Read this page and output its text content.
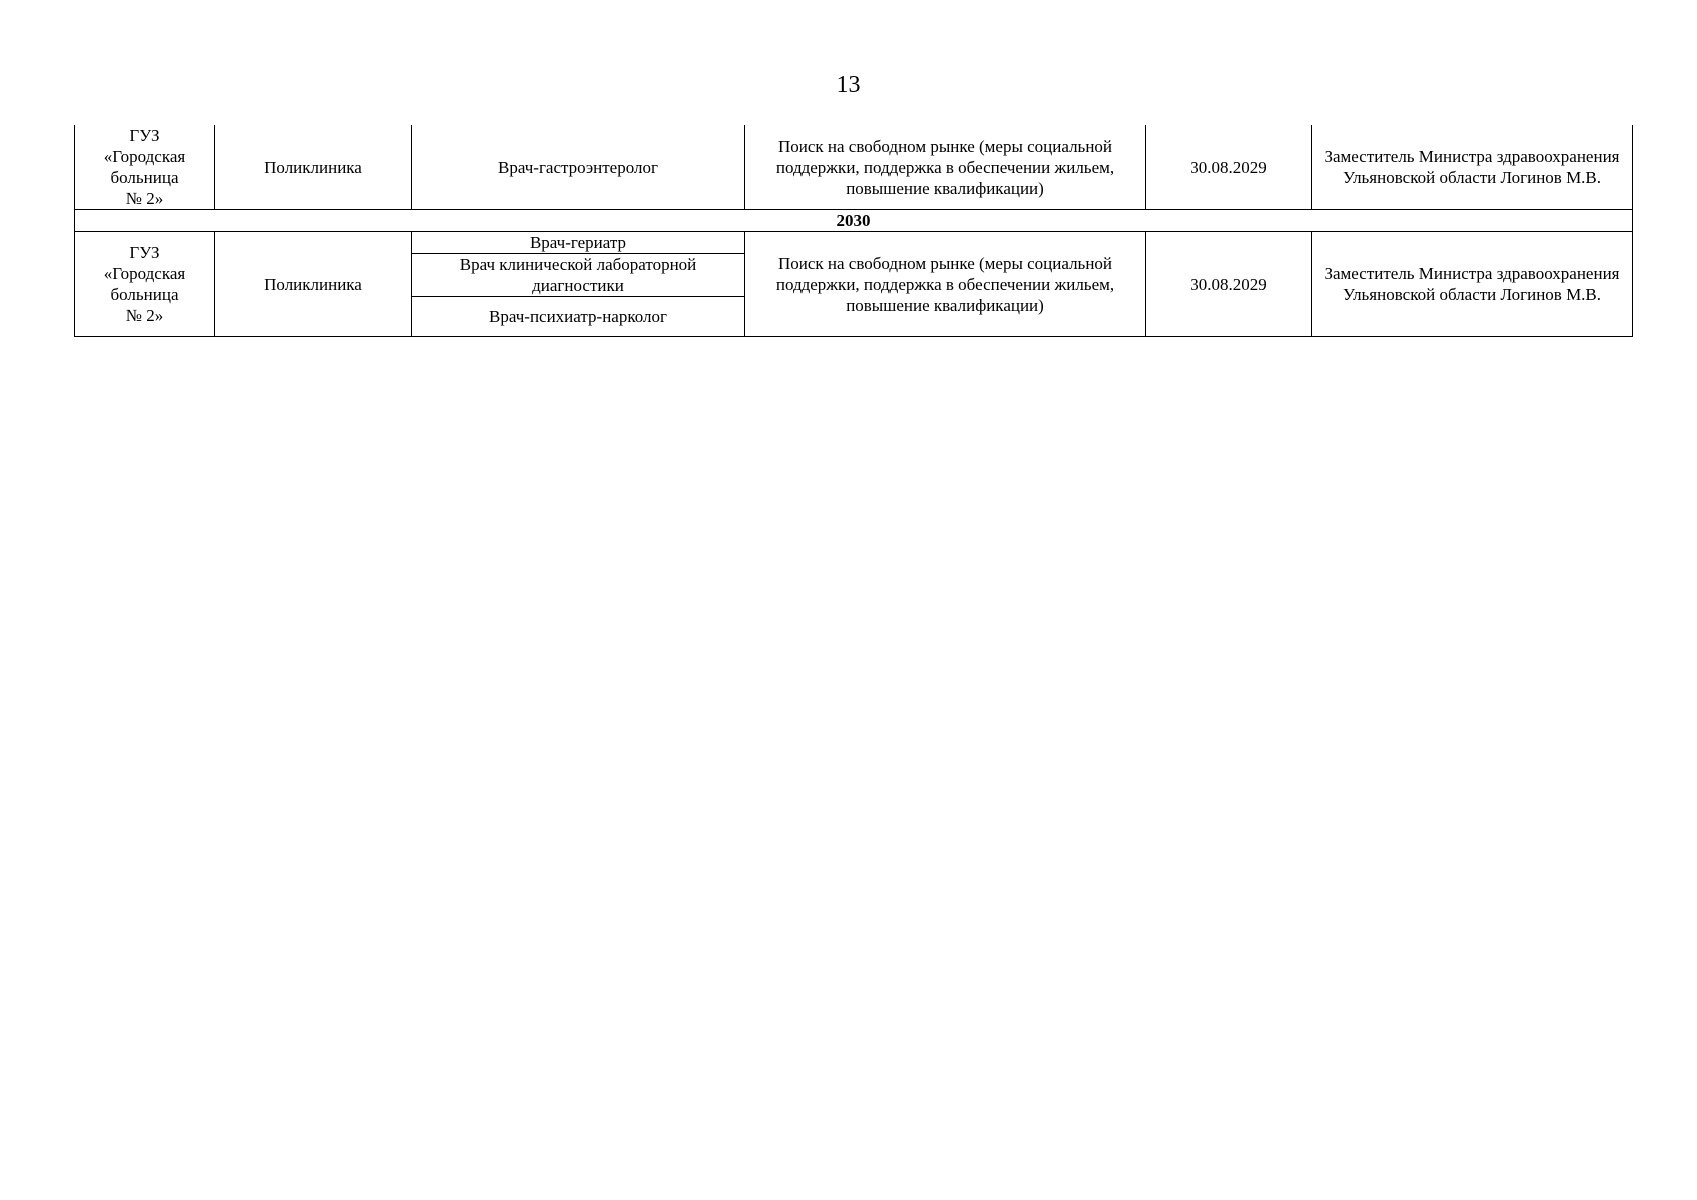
13
ГУЗ
«Городская
больница
№ 2»	Поликлиника	Врач-гастроэнтеролог	Поиск на свободном рынке (меры социальной поддержки, поддержка в обеспечении жильем, повышение квалификации)	30.08.2029	Заместитель Министра здравоохранения Ульяновской области Логинов М.В.
2030					

ГУЗ
«Городская
больница
№ 2»	Поликлиника	Врач-гериатр	Поиск на свободном рынке (меры социальной поддержки, поддержка в обеспечении жильем, повышение квалификации)	30.08.2029	Заместитель Министра здравоохранения Ульяновской области Логинов М.В.
		Врач клинической лабораторной диагностики			
		Врач-психиатр-нарколог			
